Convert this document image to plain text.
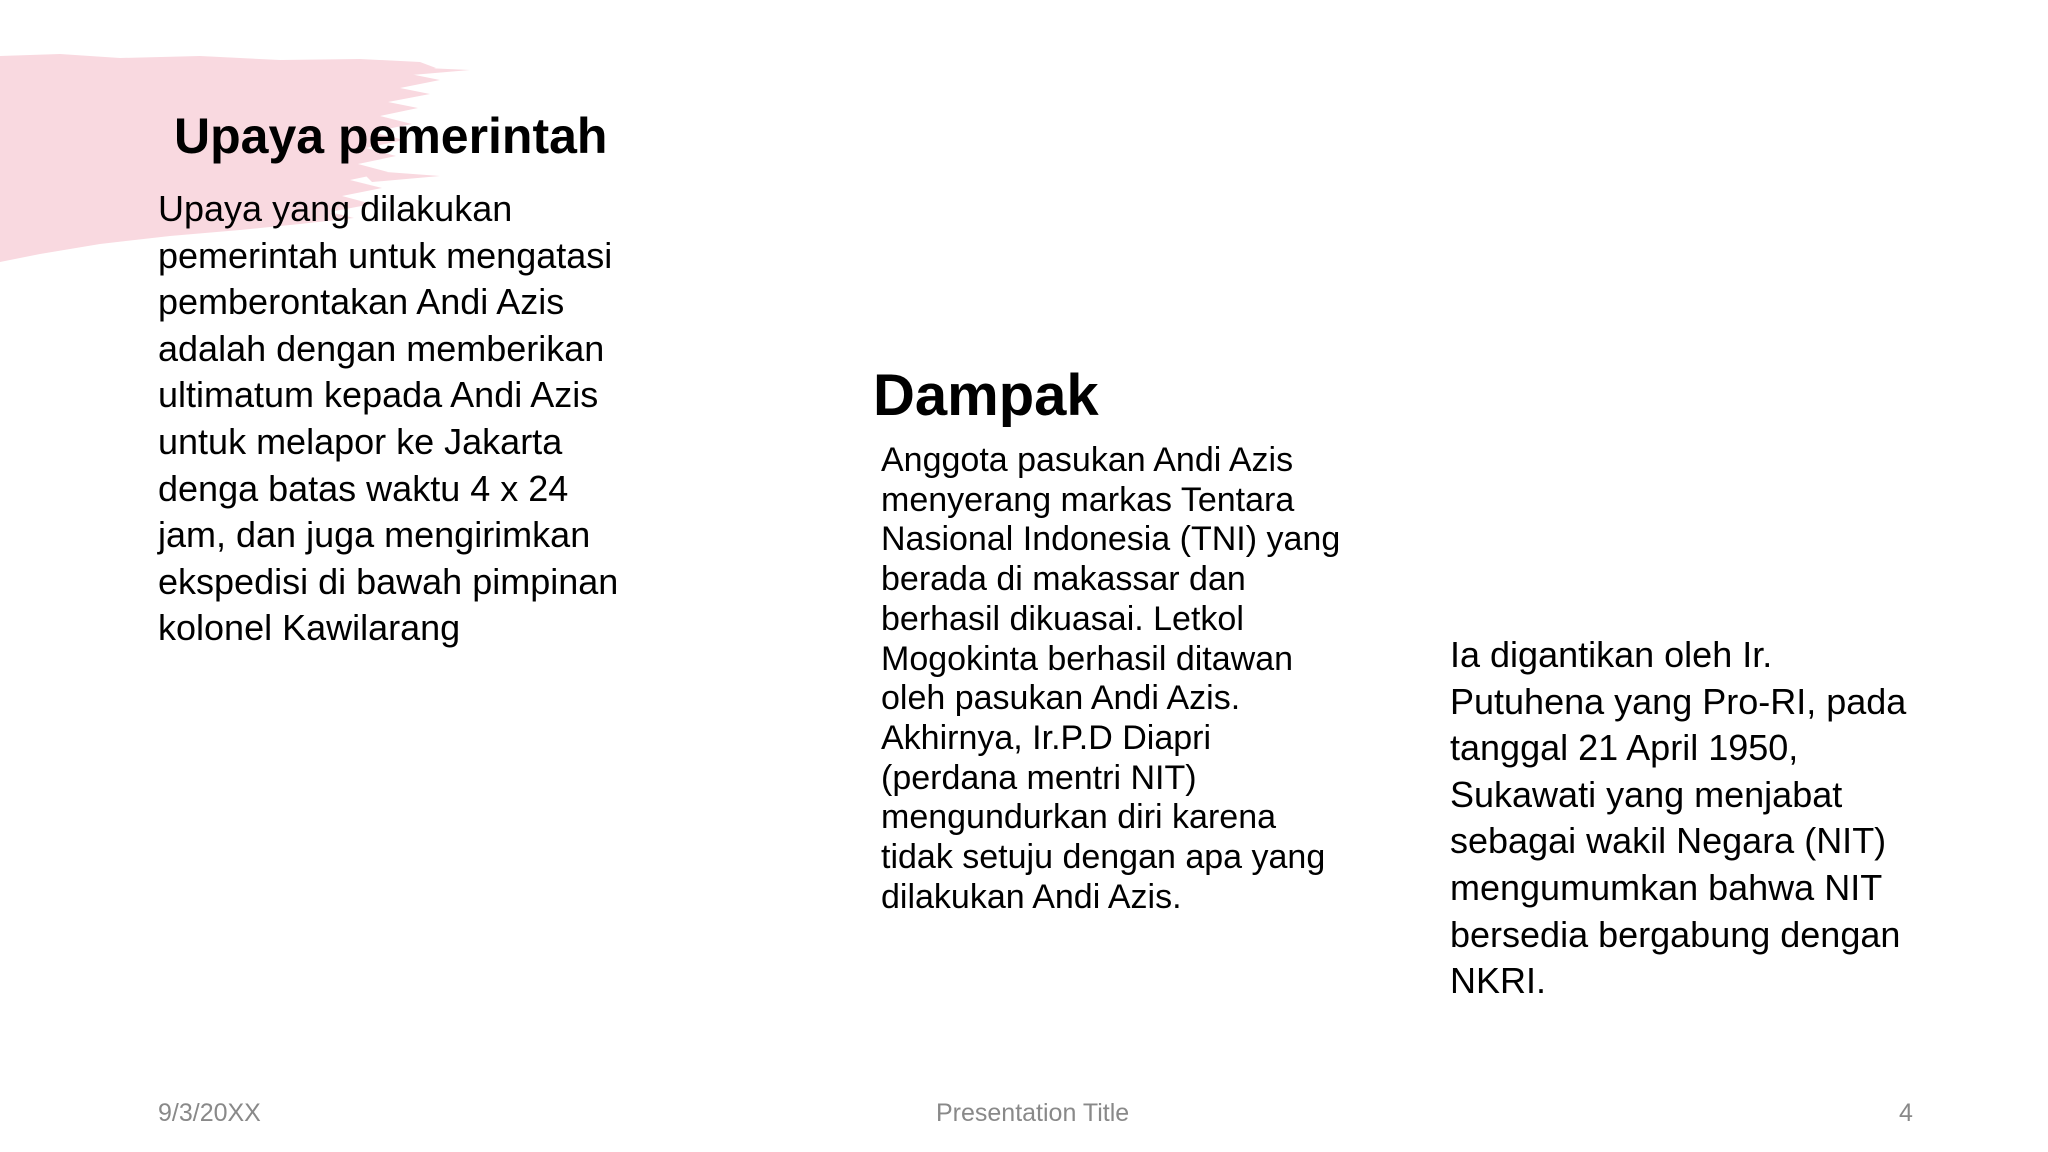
Upaya pemerintah

Upaya yang dilakukan
pemerintah untuk mengatasi
pemberontakan Andi Azis
adalah dengan memberikan
ultimatum kepada Andi Azis
untuk melapor ke Jakarta
denga batas waktu 4 x 24
jam, dan juga mengirimkan
ekspedisi di bawah pimpinan
kolonel Kawilarang

Dampak

Anggota pasukan Andi Azis
menyerang markas Tentara
Nasional Indonesia (TNI) yang
berada di makassar dan
berhasil dikuasai. Letkol
Mogokinta berhasil ditawan
oleh pasukan Andi Azis.
Akhirnya, Ir.P.D Diapri
(perdana mentri NIT)
mengundurkan diri karena
tidak setuju dengan apa yang
dilakukan Andi Azis.

Ia digantikan oleh Ir.
Putuhena yang Pro-RI, pada
tanggal 21 April 1950,
Sukawati yang menjabat
sebagai wakil Negara (NIT)
mengumumkan bahwa NIT
bersedia bergabung dengan
NKRI.

9/3/20XX	Presentation Title	4
